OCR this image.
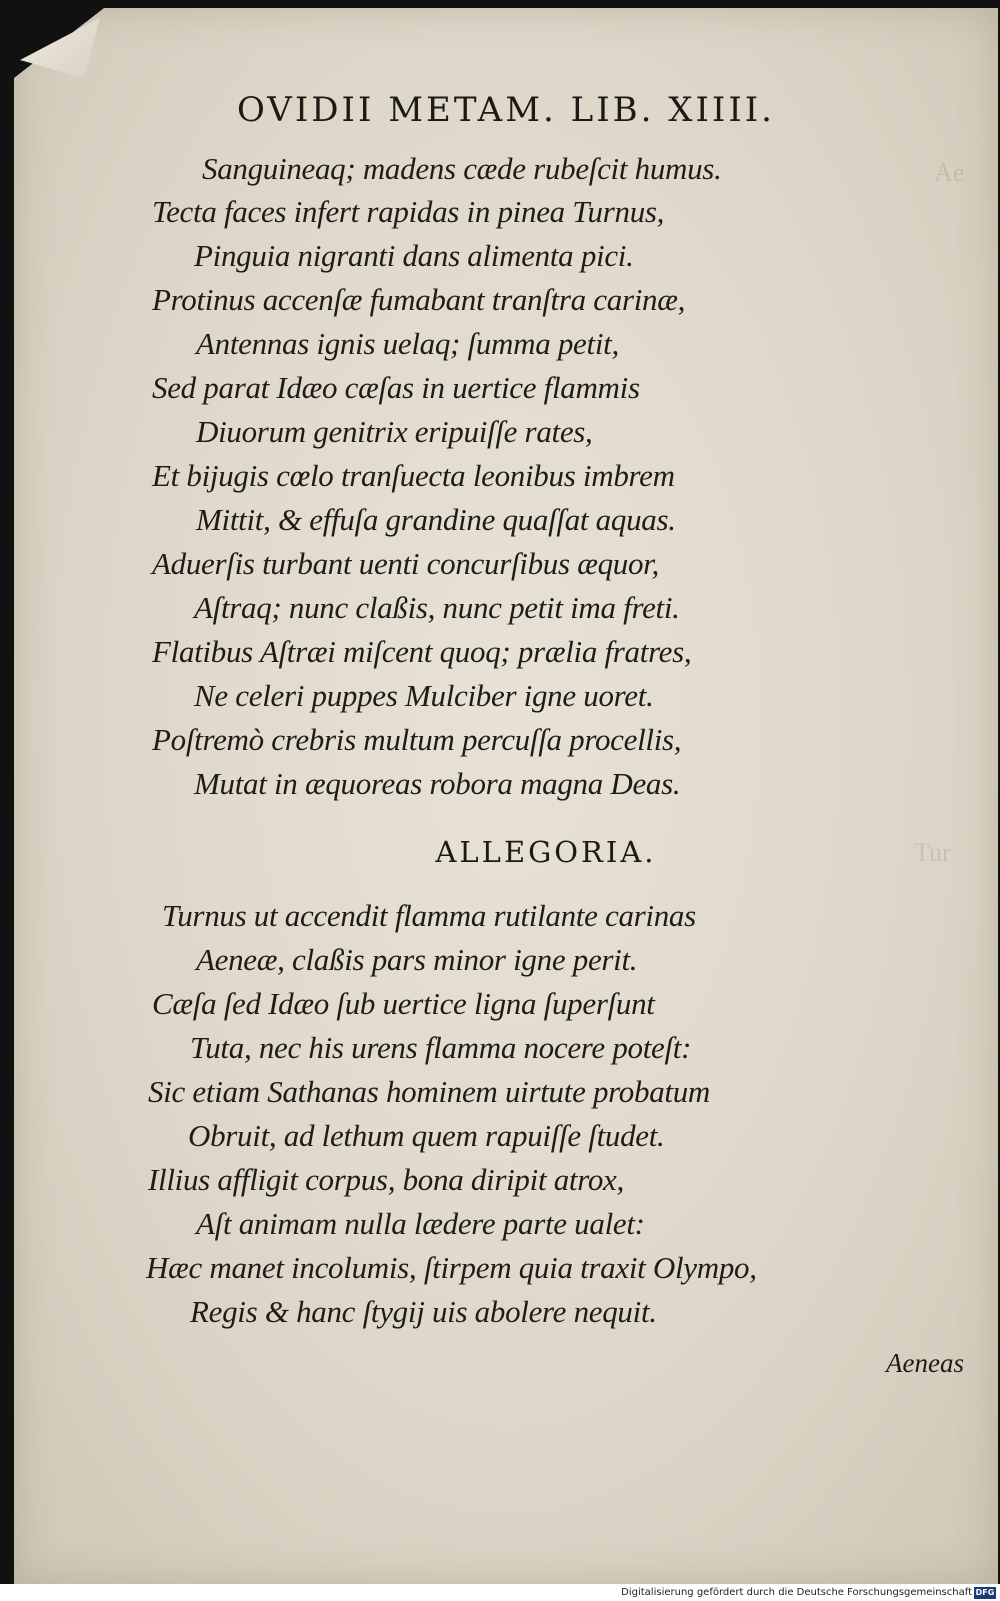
Ae
Tur
OVIDII METAM. LIB. XIIII.
Sanguineaq; madens cæde rubeſcit humus.
Tecta faces infert rapidas in pinea Turnus,
Pinguia nigranti dans alimenta pici.
Protinus accenſæ fumabant tranſtra carinæ,
Antennas ignis uelaq; ſumma petit,
Sed parat Idæo cæſas in uertice flammis
Diuorum genitrix eripuiſſe rates,
Et bijugis cœlo tranſuecta leonibus imbrem
Mittit, & effuſa grandine quaſſat aquas.
Aduerſis turbant uenti concurſibus æquor,
Aſtraq; nunc claßis, nunc petit ima freti.
Flatibus Aſtræi miſcent quoq; prælia fratres,
Ne celeri puppes Mulciber igne uoret.
Poſtremò crebris multum percuſſa procellis,
Mutat in æquoreas robora magna Deas.
ALLEGORIA.
Turnus ut accendit flamma rutilante carinas
Aeneæ, claßis pars minor igne perit.
Cæſa ſed Idæo ſub uertice ligna ſuperſunt
Tuta, nec his urens flamma nocere poteſt:
Sic etiam Sathanas hominem uirtute probatum
Obruit, ad lethum quem rapuiſſe ſtudet.
Illius affligit corpus, bona diripit atrox,
Aſt animam nulla lædere parte ualet:
Hæc manet incolumis, ſtirpem quia traxit Olympo,
Regis & hanc ſtygij uis abolere nequit.
Aeneas
Digitalisierung gefördert durch die Deutsche Forschungsgemeinschaft DFG
